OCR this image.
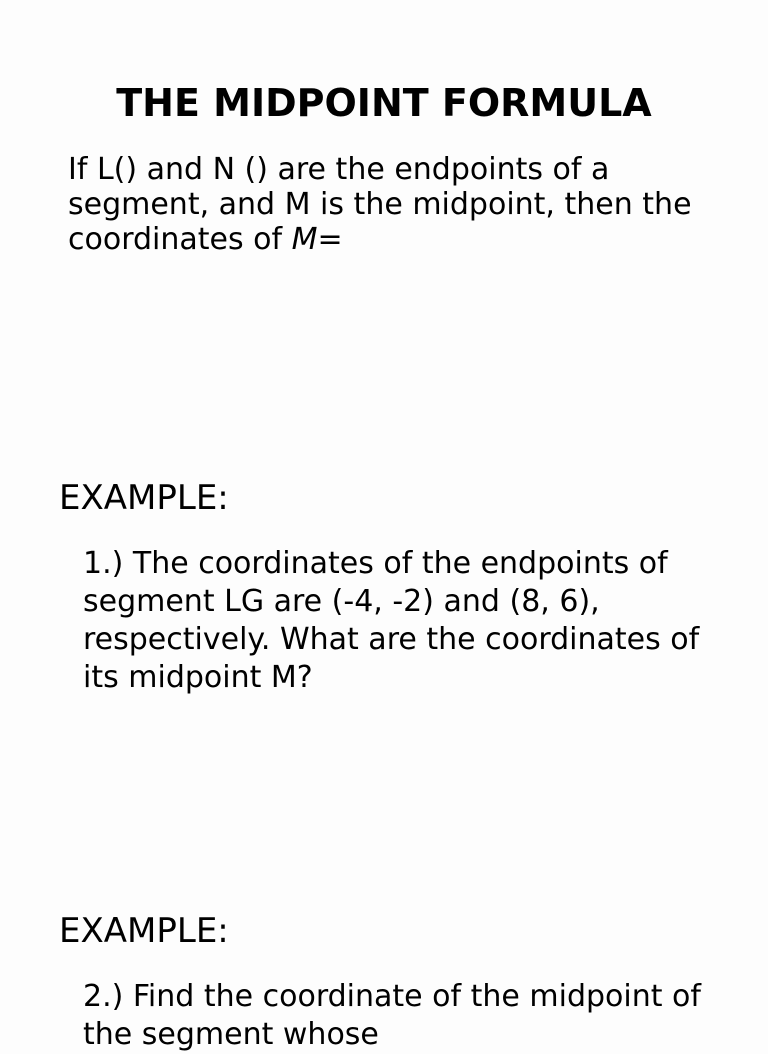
THE MIDPOINT FORMULA

If L() and N () are the endpoints of a segment, and M is the midpoint, then the coordinates of M=

EXAMPLE:

1.) The coordinates of the endpoints of segment LG are (-4, -2) and (8, 6), respectively. What are the coordinates of its midpoint M?

EXAMPLE:

2.) Find the coordinate of the midpoint of the segment whose
